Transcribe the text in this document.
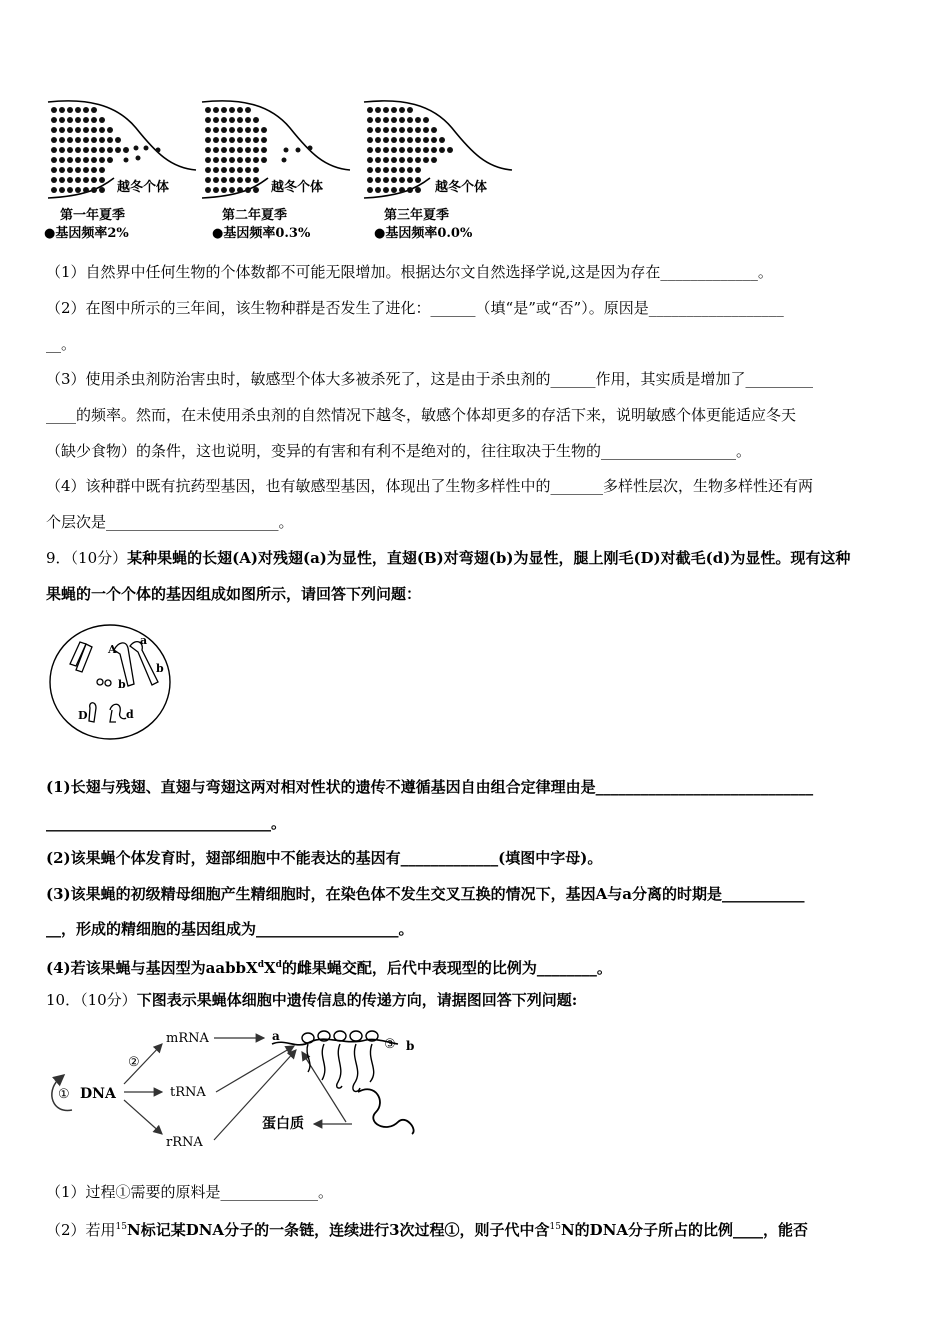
越冬个体
第一年夏季
●基因频率2%
越冬个体
第二年夏季
●基因频率0.3%
越冬个体
第三年夏季
●基因频率0.0%
（1）自然界中任何生物的个体数都不可能无限增加。根据达尔文自然选择学说,这是因为存在_____________。
（2）在图中所示的三年间，该生物种群是否发生了进化：______（填“是”或“否”）。原因是__________________
__。
（3）使用杀虫剂防治害虫时，敏感型个体大多被杀死了，这是由于杀虫剂的______作用，其实质是增加了_________
____的频率。然而，在未使用杀虫剂的自然情况下越冬，敏感个体却更多的存活下来，说明敏感个体更能适应冬天
（缺少食物）的条件，这也说明，变异的有害和有利不是绝对的，往往取决于生物的__________________。
（4）该种群中既有抗药型基因，也有敏感型基因，体现出了生物多样性中的_______多样性层次，生物多样性还有两
个层次是_______________________。
9．（10分）某种果蝇的长翅(A)对残翅(a)为显性，直翅(B)对弯翅(b)为显性，腿上刚毛(D)对截毛(d)为显性。现有这种
果蝇的一个个体的基因组成如图所示，请回答下列问题：
A
a
b
b
D	d
(1)长翅与残翅、直翅与弯翅这两对相对性状的遗传不遵循基因自由组合定律理由是_____________________________
______________________________。
(2)该果蝇个体发育时，翅部细胞中不能表达的基因有_____________(填图中字母)。
(3)该果蝇的初级精母细胞产生精细胞时，在染色体不发生交叉互换的情况下，基因A与a分离的时期是___________
__，形成的精细胞的基因组成为___________________。
(4)若该果蝇与基因型为$aabbX^dX^d$的雌果蝇交配，后代中表现型的比例为________。
10．（10分）下图表示果蝇体细胞中遗传信息的传递方向，请据图回答下列问题:
① DNA
②
mRNA
tRNA
rRNA
a
③ b
蛋白质
（1）过程①需要的原料是_____________。
（2）若用$^{15}$N标记某DNA分子的一条链，连续进行3次过程①，则子代中含$^{15}$N的DNA分子所占的比例____，能否
